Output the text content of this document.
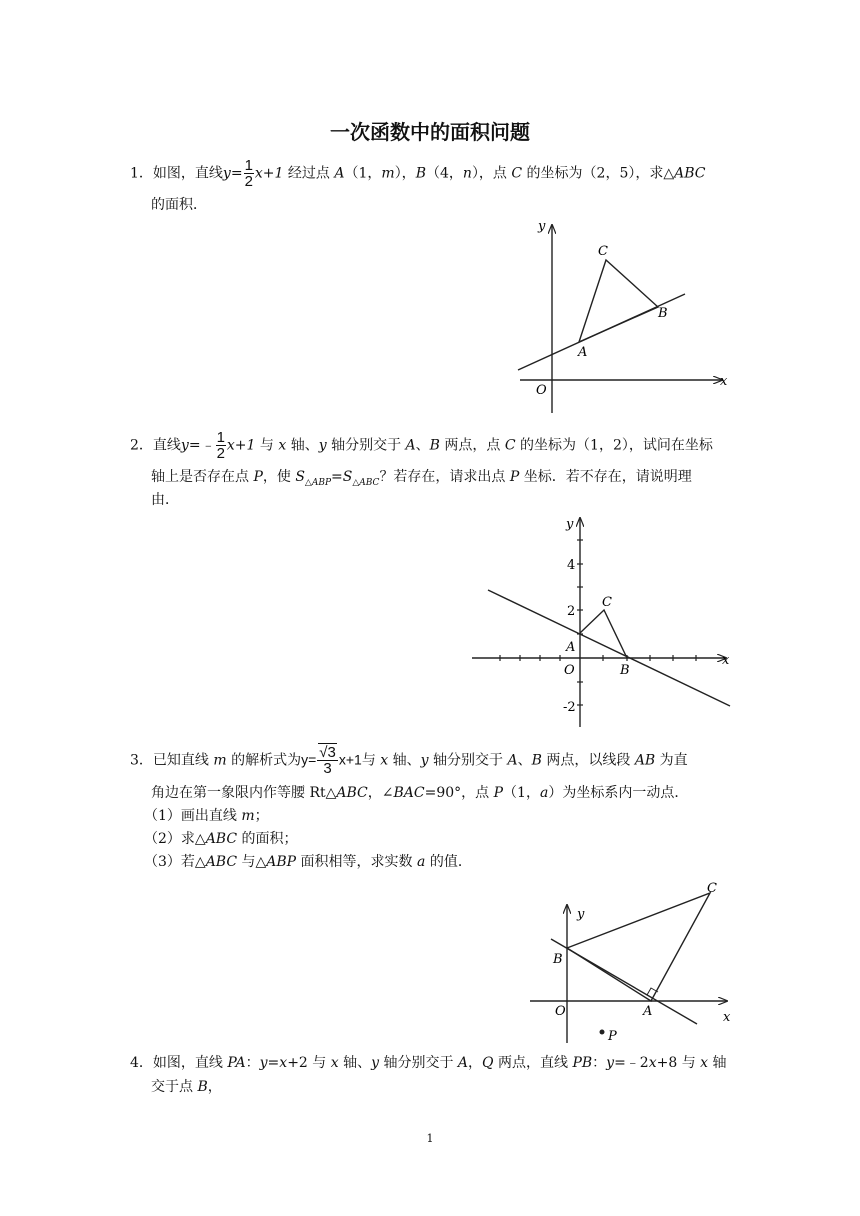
一次函数中的面积问题
1．如图，直线$y= \frac{1}{2} x+1$ 经过点 A（1，m），B（4，n），点 C 的坐标为（2，5），求△ABC
的面积．
y
x
O
A
B
C
2．直线y=﹣ $\frac{1}{2} x+1$ 与 x 轴、y 轴分别交于 A、B 两点，点 C 的坐标为（1，2），试问在坐标
轴上是否存在点 P，使 $S_{\triangle ABP}=S_{\triangle ABC}$？若存在，请求出点 P 坐标．若不存在，请说明理
由．
y
x
O
A
B
C
4
2
-2
3．已知直线 m 的解析式为$y= \frac{√3}{3} x+1$与 x 轴、y 轴分别交于 A、B 两点，以线段 AB 为直
角边在第一象限内作等腰 Rt△ABC，∠BAC=90°，点 P（1，a）为坐标系内一动点．
（1）画出直线 m；
（2）求△ABC 的面积；
（3）若△ABC 与△ABP 面积相等，求实数 a 的值．
y
x
O	A
B
C
P
4．如图，直线 PA：y=x+2 与 x 轴、y 轴分别交于 A，Q 两点，直线 PB：y=﹣2x+8 与 x 轴
交于点 B，
1
